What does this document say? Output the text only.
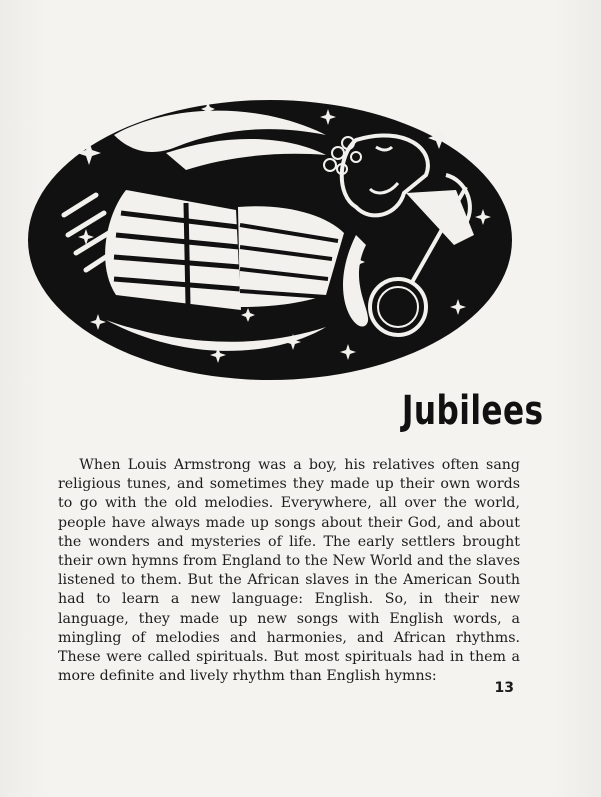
Jubilees

When Louis Armstrong was a boy, his relatives often sang religious tunes, and sometimes they made up their own words to go with the old melodies. Everywhere, all over the world, people have always made up songs about their God, and about the wonders and mysteries of life. The early settlers brought their own hymns from England to the New World and the slaves listened to them. But the African slaves in the American South had to learn a new language: English. So, in their new language, they made up new songs with English words, a mingling of melodies and harmonies, and African rhythms. These were called spirituals. But most spirituals had in them a more definite and lively rhythm than English hymns:

13
